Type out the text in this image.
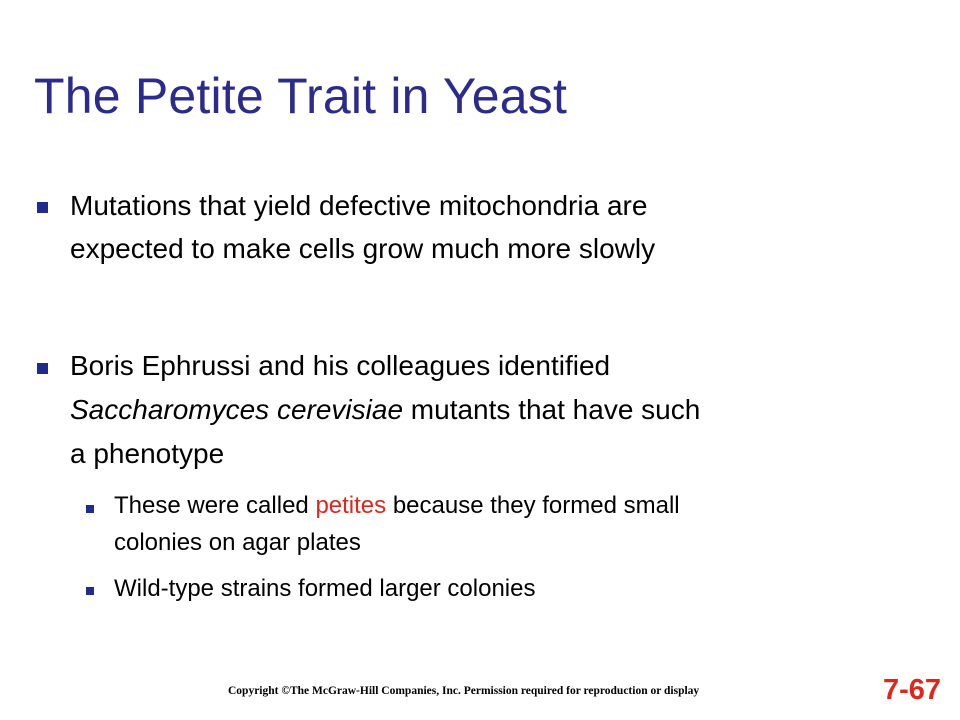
The Petite Trait in Yeast
Mutations that yield defective mitochondria are
expected to make cells grow much more slowly
Boris Ephrussi and his colleagues identified
Saccharomyces cerevisiae mutants that have such
a phenotype
These were called petites because they formed small
colonies on agar plates
Wild-type strains formed larger colonies
Copyright ©The McGraw-Hill Companies, Inc. Permission required for reproduction or display	7-67
